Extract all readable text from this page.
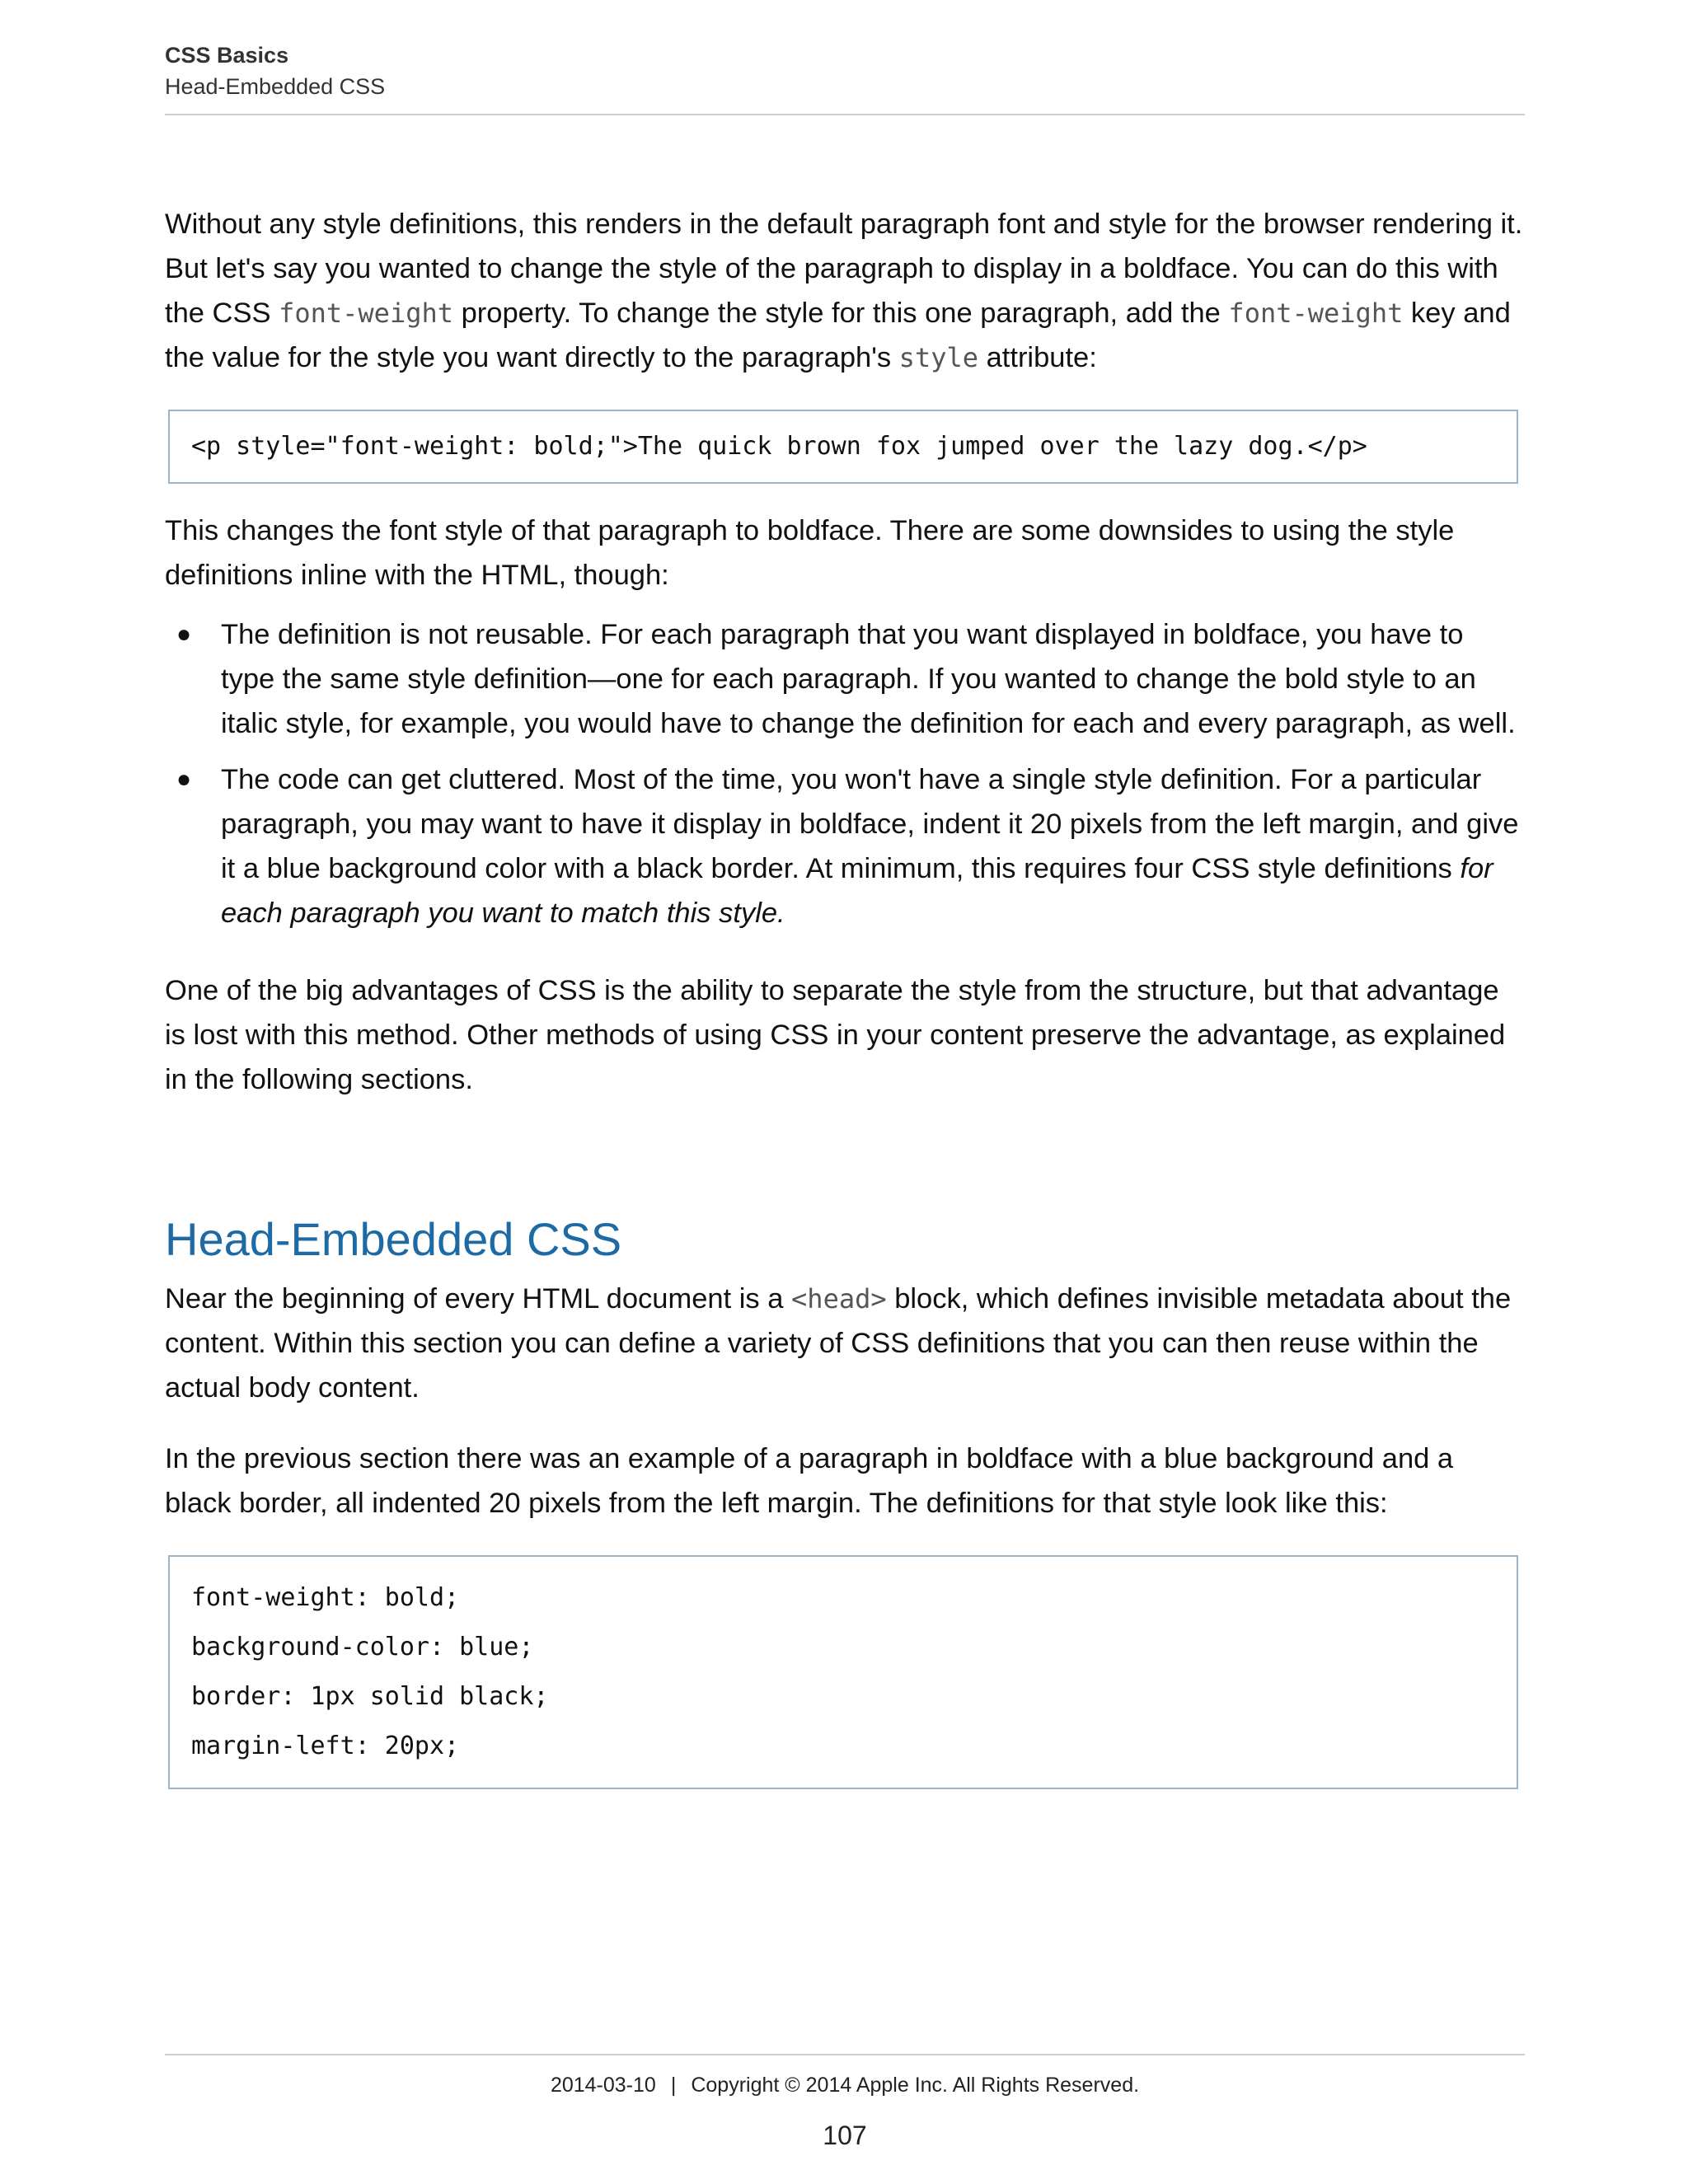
CSS Basics
Head-Embedded CSS

Without any style definitions, this renders in the default paragraph font and style for the browser rendering it. But let's say you wanted to change the style of the paragraph to display in a boldface. You can do this with the CSS font-weight property. To change the style for this one paragraph, add the font-weight key and the value for the style you want directly to the paragraph's style attribute:

<p style="font-weight: bold;">The quick brown fox jumped over the lazy dog.</p>

This changes the font style of that paragraph to boldface. There are some downsides to using the style definitions inline with the HTML, though:

● The definition is not reusable. For each paragraph that you want displayed in boldface, you have to type the same style definition—one for each paragraph. If you wanted to change the bold style to an italic style, for example, you would have to change the definition for each and every paragraph, as well.
● The code can get cluttered. Most of the time, you won't have a single style definition. For a particular paragraph, you may want to have it display in boldface, indent it 20 pixels from the left margin, and give it a blue background color with a black border. At minimum, this requires four CSS style definitions for each paragraph you want to match this style.

One of the big advantages of CSS is the ability to separate the style from the structure, but that advantage is lost with this method. Other methods of using CSS in your content preserve the advantage, as explained in the following sections.

Head-Embedded CSS

Near the beginning of every HTML document is a <head> block, which defines invisible metadata about the content. Within this section you can define a variety of CSS definitions that you can then reuse within the actual body content.

In the previous section there was an example of a paragraph in boldface with a blue background and a black border, all indented 20 pixels from the left margin. The definitions for that style look like this:

font-weight: bold;
background-color: blue;
border: 1px solid black;
margin-left: 20px;
2014-03-10 | Copyright © 2014 Apple Inc. All Rights Reserved.
107
